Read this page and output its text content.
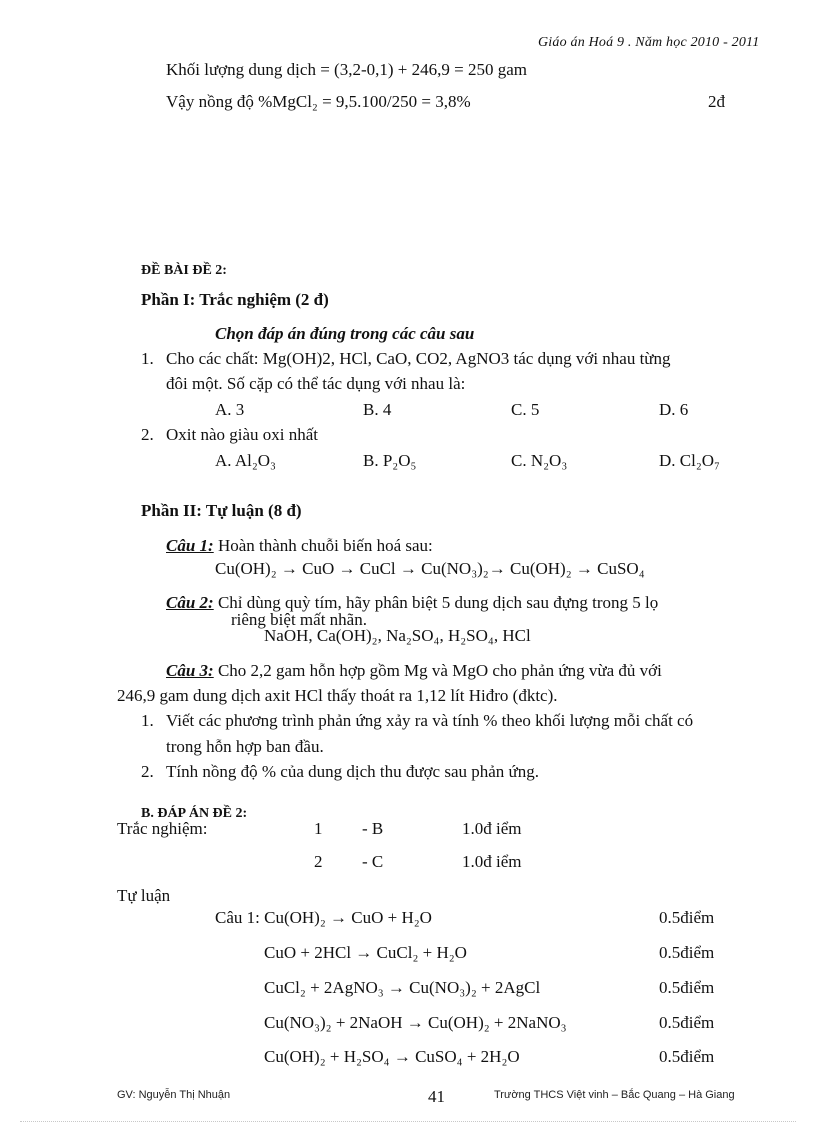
Giáo án Hoá 9 . Năm học 2010 - 2011
Khối lượng dung dịch = (3,2-0,1) + 246,9 = 250 gam
Vậy nồng độ %MgCl₂ = 9,5.100/250 = 3,8%	2đ
ĐỀ BÀI ĐỀ 2:
Phần I: Trắc nghiệm (2 đ)
Chọn đáp án đúng trong các câu sau
1. Cho các chất: Mg(OH)2, HCl, CaO, CO2, AgNO3 tác dụng với nhau từng
đôi một. Số cặp có thể tác dụng với nhau là:
A. 3	B. 4	C. 5	D. 6
2. Oxit nào giàu oxi nhất
A. Al₂O₃	B. P₂O₅	C. N₂O₃	D. Cl₂O₇
Phần II: Tự luận (8 đ)
Câu 1: Hoàn thành chuỗi biến hoá sau:
Cu(OH)₂ → CuO → CuCl → Cu(NO₃)₂→ Cu(OH)₂ → CuSO₄
Câu 2: Chỉ dùng quỳ tím, hãy phân biệt 5 dung dịch sau đựng trong 5 lọ
riêng biệt mất nhãn.
NaOH, Ca(OH)₂, Na₂SO₄, H₂SO₄, HCl
Câu 3: Cho 2,2 gam hỗn hợp gồm Mg và MgO cho phản ứng vừa đủ với
246,9 gam dung dịch axit HCl thấy thoát ra 1,12 lít Hiđro (đktc).
1. Viết các phương trình phản ứng xảy ra và tính % theo khối lượng mỗi chất có
trong hỗn hợp ban đầu.
2. Tính nồng độ % của dung dịch thu được sau phản ứng.
B. ĐÁP ÁN ĐỀ 2:
Trắc nghiệm:	1 - B	1.0đ iểm
2 - C	1.0đ iểm
Tự luận
Câu 1: Cu(OH)₂ → CuO + H₂O	0.5điểm
CuO + 2HCl → CuCl₂ + H₂O	0.5điểm
CuCl₂ + 2AgNO₃ → Cu(NO₃)₂ + 2AgCl	0.5điểm
Cu(NO₃)₂ + 2NaOH → Cu(OH)₂ + 2NaNO₃	0.5điểm
Cu(OH)₂ + H₂SO₄ → CuSO₄ + 2H₂O	0.5điểm
GV: Nguyễn Thị Nhuận	41	Trường THCS Việt vinh – Bắc Quang – Hà Giang
